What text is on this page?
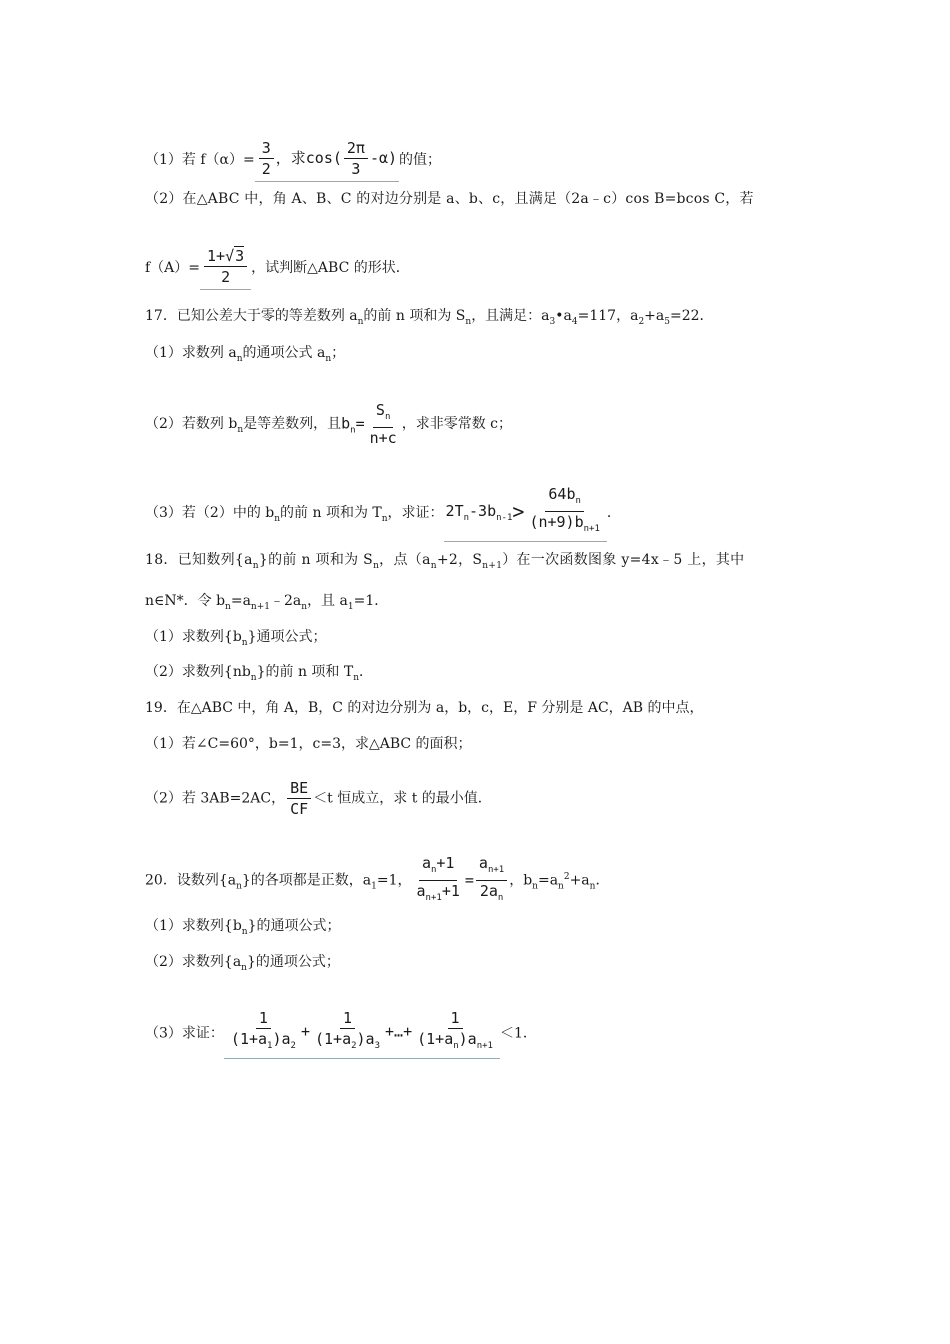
（1）若 $f(\alpha)= \frac{3}{2}$ ，求$\cos( \frac{2\pi}{3} -\alpha)$ 的值；
（2）在△ABC 中，角 A、B、C 的对边分别是 a、b、c，且满足（2a﹣c）cos B=bcos C，若
$f(A)= \frac{1+√3}{2}$ ，试判断△ABC 的形状．
17．已知公差大于零的等差数列 $a_n$的前 n 项和为 $S_n$，且满足：$a_3•a_4=117$，$a_2+a_5=22$．
（1）求数列 $a_n$的通项公式 $a_n$；
（2）若数列 $b_n$是等差数列，且$b_n= \frac{S_n}{n+c}$ ，求非零常数 c；
（3）若（2）中的 $b_n$的前 n 项和为 $T_n$，求证： $2T_n-3b_{n-1}> \frac{64b_n}{(n+9)b_{n+1}}$ ．
18．已知数列$\{a_n\}$的前 n 项和为 $S_n$，点（$a_n+2$，$S_{n+1}$）在一次函数图象 y=4x﹣5 上，其中
n∈N*．令 $b_n=a_{n+1}﹣2a_n$，且 $a_1=1$．
（1）求数列$\{b_n\}$通项公式；
（2）求数列$\{nb_n\}$的前 n 项和 $T_n$．
19．在△ABC 中，角 A，B，C 的对边分别为 a，b，c，E，F 分别是 AC，AB 的中点，
（1）若∠C=60°，b=1，c=3，求△ABC 的面积；
（2）若 3AB=2AC， $\frac{BE}{CF} <t$ 恒成立，求 t 的最小值．
20．设数列$\{a_n\}$的各项都是正数，$a_1=1$， $\frac{a_n+1}{a_{n+1}+1} = \frac{a_{n+1}}{2a_n}$ ，$b_n=a_n^2+a_n$．
（1）求数列$\{b_n\}$的通项公式；
（2）求数列$\{a_n\}$的通项公式；
（3）求证： $\frac{1}{(1+a_1)a_2} + \frac{1}{(1+a_2)a_3}$ +…+ $\frac{1}{(1+a_n)a_{n+1}} <1$．
